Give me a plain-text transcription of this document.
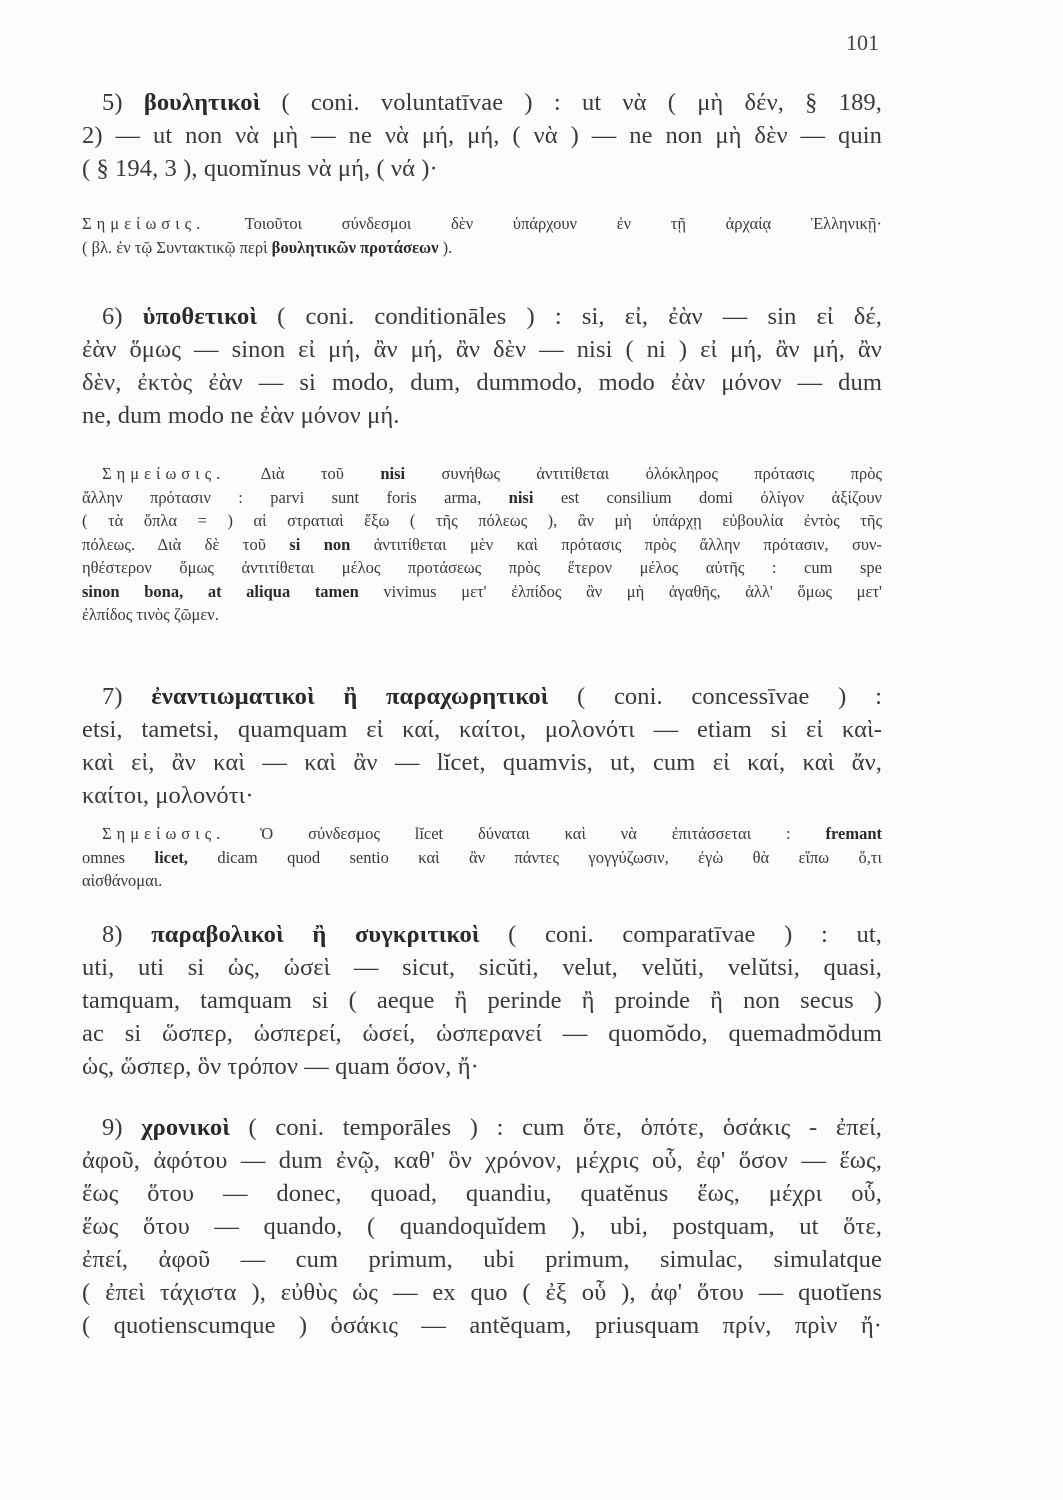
101
5) βουλητικοὶ ( coni. voluntatīvae ) : ut νὰ ( μὴ δέν, § 189,
2) — ut non νὰ μὴ — ne νὰ μή, μή, ( νὰ ) — ne non μὴ δὲν — quin
( § 194, 3 ), quomĭnus νὰ μή, ( νά )·
Σημείωσις. Τοιοῦτοι σύνδεσμοι δὲν ὑπάρχουν ἐν τῇ ἀρχαίᾳ Ἑλληνικῇ·
( βλ. ἐν τῷ Συντακτικῷ περὶ βουλητικῶν προτάσεων ).
6) ὑποθετικοὶ ( coni. conditionāles ) : si, εἰ, ἐὰν — sin εἰ δέ,
ἐὰν ὅμως — sinon εἰ μή, ἂν μή, ἂν δὲν — nisi ( ni ) εἰ μή, ἂν μή, ἂν
δὲν, ἐκτὸς ἐὰν — si modo, dum, dummodo, modo ἐὰν μόνον — dum
ne, dum modo ne ἐὰν μόνον μή.
Σημείωσις. Διὰ τοῦ nisi συνήθως ἀντιτίθεται ὁλόκληρος πρότασις πρὸς
ἄλλην πρότασιν : parvi sunt foris arma, nisi est consilium domi ὀλίγον ἀξίζουν
( τὰ ὅπλα = ) αἱ στρατιαὶ ἔξω ( τῆς πόλεως ), ἂν μὴ ὑπάρχῃ εὐβουλία ἐντὸς τῆς
πόλεως. Διὰ δὲ τοῦ si non ἀντιτίθεται μὲν καὶ πρότασις πρὸς ἄλλην πρότασιν, συν-
ηθέστερον ὅμως ἀντιτίθεται μέλος προτάσεως πρὸς ἕτερον μέλος αὐτῆς : cum spe
sinon bona, at aliqua tamen vivimus μετ' ἐλπίδος ἂν μὴ ἀγαθῆς, ἀλλ' ὅμως μετ'
ἐλπίδος τινὸς ζῶμεν.
7) ἐναντιωματικοὶ ἢ παραχωρητικοὶ ( coni. concessīvae ) :
etsi, tametsi, quamquam εἰ καί, καίτοι, μολονότι — etiam si εἰ καὶ-
καὶ εἰ, ἂν καὶ — καὶ ἂν — lĭcet, quamvis, ut, cum εἰ καί, καὶ ἄν,
καίτοι, μολονότι·
Σημείωσις. Ὁ σύνδεσμος lĭcet δύναται καὶ νὰ ἐπιτάσσεται : fremant
omnes licet, dicam quod sentio καὶ ἂν πάντες γογγύζωσιν, ἐγὼ θὰ εἴπω ὅ,τι
αἰσθάνομαι.
8) παραβολικοὶ ἢ συγκριτικοὶ ( coni. comparatīvae ) : ut,
uti, uti si ὡς, ὡσεὶ — sicut, sicŭti, velut, velŭti, velŭtsi, quasi,
tamquam, tamquam si ( aeque ἢ perinde ἢ proinde ἢ non secus )
ac si ὥσπερ, ὡσπερεί, ὡσεί, ὡσπερανεί — quomŏdo, quemadmŏdum
ὡς, ὥσπερ, ὃν τρόπον — quam ὅσον, ἤ·
9) χρονικοὶ ( coni. temporāles ) : cum ὅτε, ὁπότε, ὁσάκις - ἐπεί,
ἀφοῦ, ἀφότου — dum ἐνῷ, καθ' ὃν χρόνον, μέχρις οὗ, ἐφ' ὅσον — ἕως,
ἕως ὅτου — donec, quoad, quandiu, quatĕnus ἕως, μέχρι οὗ,
ἕως ὅτου — quando, ( quandoquĭdem ), ubi, postquam, ut ὅτε,
ἐπεί, ἀφοῦ — cum primum, ubi primum, simulac, simulatque
( ἐπεὶ τάχιστα ), εὐθὺς ὡς — ex quo ( ἐξ οὗ ), ἀφ' ὅτου — quotĭens
( quotienscumque ) ὁσάκις — antĕquam, priusquam πρίν, πρὶν ἤ·
